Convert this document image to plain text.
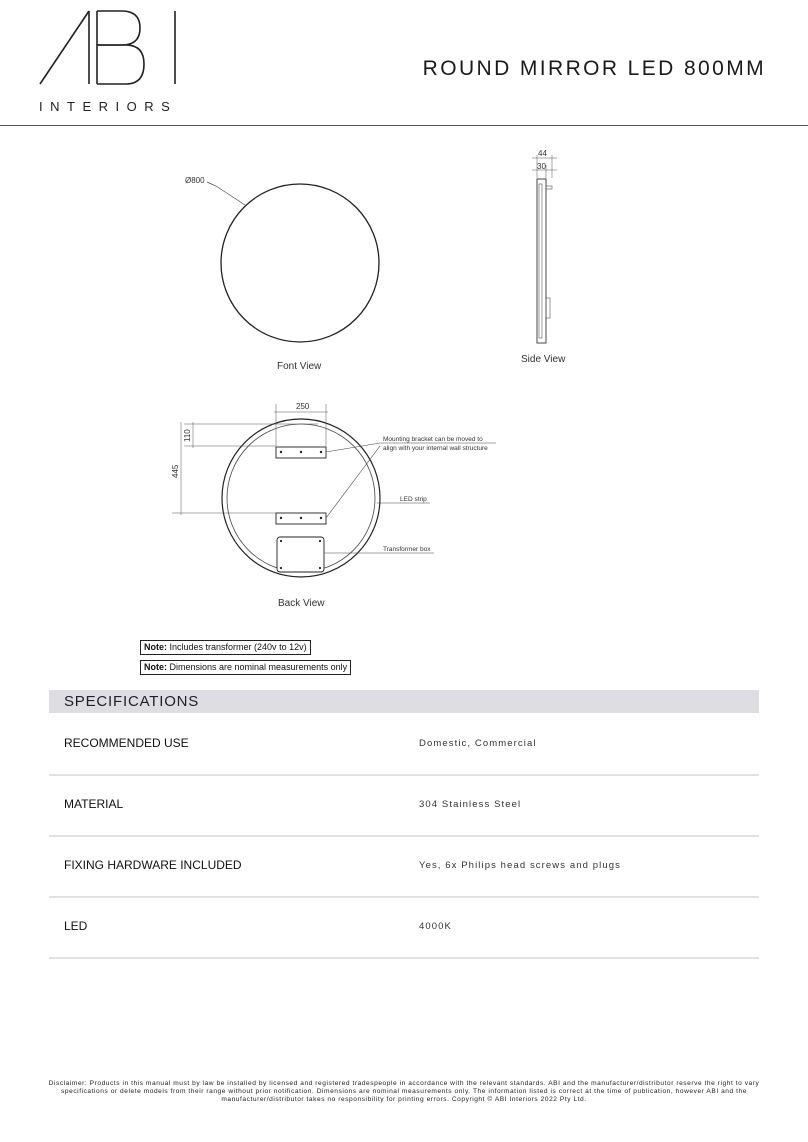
INTERIORS
ROUND MIRROR LED 800MM
Ø800
Font View
44
30
Side View
250
110
445
Mounting bracket can be moved to
align with your internal wall structure
LED strip
Transformer box
Back View
Note: Includes transformer (240v to 12v)
Note: Dimensions are nominal measurements only
SPECIFICATIONS
RECOMMENDED USE	Domestic, Commercial
MATERIAL	304 Stainless Steel
FIXING HARDWARE INCLUDED	Yes, 6x Philips head screws and plugs
LED	4000K
Disclaimer: Products in this manual must by law be installed by licensed and registered tradespeople in accordance with the relevant standards. ABI and the manufacturer/distributor reserve the right to vary specifications or delete models from their range without prior notification. Dimensions are nominal measurements only. The information listed is correct at the time of publication, however ABI and the manufacturer/distributor takes no responsibility for printing errors. Copyright © ABI Interiors 2022 Pty Ltd.
